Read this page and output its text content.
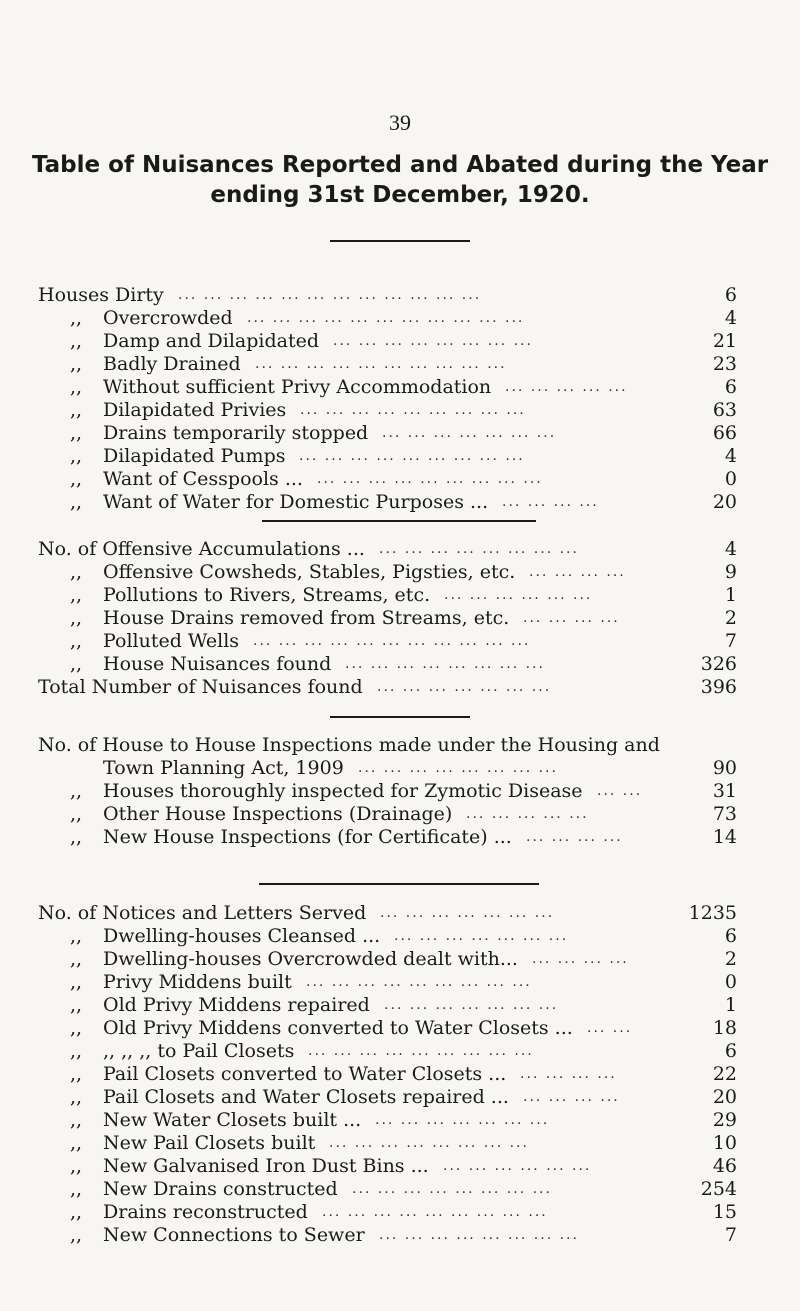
39
Table of Nuisances Reported and Abated during the Year
ending 31st December, 1920.
Houses Dirty	6
... ... ... ... ... ... ... ... ... ... ... ...
,, Overcrowded	4
... ... ... ... ... ... ... ... ... ... ...
,, Damp and Dilapidated	21
... ... ... ... ... ... ... ...
,, Badly Drained	23
... ... ... ... ... ... ... ... ... ...
,, Without sufficient Privy Accommodation	6
... ... ... ... ...
,, Dilapidated Privies	63
... ... ... ... ... ... ... ... ...
,, Drains temporarily stopped	66
... ... ... ... ... ... ...
,, Dilapidated Pumps	4
... ... ... ... ... ... ... ... ...
,, Want of Cesspools ...	0
... ... ... ... ... ... ... ... ...
,, Want of Water for Domestic Purposes ...	20
... ... ... ...
No. of Offensive Accumulations ...	4
... ... ... ... ... ... ... ...
,, Offensive Cowsheds, Stables, Pigsties, etc.	9
... ... ... ...
,, Pollutions to Rivers, Streams, etc.	1
... ... ... ... ... ...
,, House Drains removed from Streams, etc.	2
... ... ... ...
,, Polluted Wells	7
... ... ... ... ... ... ... ... ... ... ...
,, House Nuisances found	326
... ... ... ... ... ... ... ...
Total Number of Nuisances found	396
... ... ... ... ... ... ...
No. of House to House Inspections made under the Housing and
Town Planning Act, 1909	90
... ... ... ... ... ... ... ...
,, Houses thoroughly inspected for Zymotic Disease	31
... ...
,, Other House Inspections (Drainage)	73
... ... ... ... ...
,, New House Inspections (for Certificate) ...	14
... ... ... ...
No. of Notices and Letters Served	1235
... ... ... ... ... ... ...
,, Dwelling-houses Cleansed ...	6
... ... ... ... ... ... ...
,, Dwelling-houses Overcrowded dealt with...	2
... ... ... ...
,, Privy Middens built	0
... ... ... ... ... ... ... ... ...
,, Old Privy Middens repaired	1
... ... ... ... ... ... ...
,, Old Privy Middens converted to Water Closets ...	18
... ...
,, ,, ,, ,, to Pail Closets	6
... ... ... ... ... ... ... ... ...
,, Pail Closets converted to Water Closets ...	22
... ... ... ...
,, Pail Closets and Water Closets repaired ...	20
... ... ... ...
,, New Water Closets built ...	29
... ... ... ... ... ... ...
,, New Pail Closets built	10
... ... ... ... ... ... ... ...
,, New Galvanised Iron Dust Bins ...	46
... ... ... ... ... ...
,, New Drains constructed	254
... ... ... ... ... ... ... ...
,, Drains reconstructed	15
... ... ... ... ... ... ... ... ...
,, New Connections to Sewer	7
... ... ... ... ... ... ... ...
